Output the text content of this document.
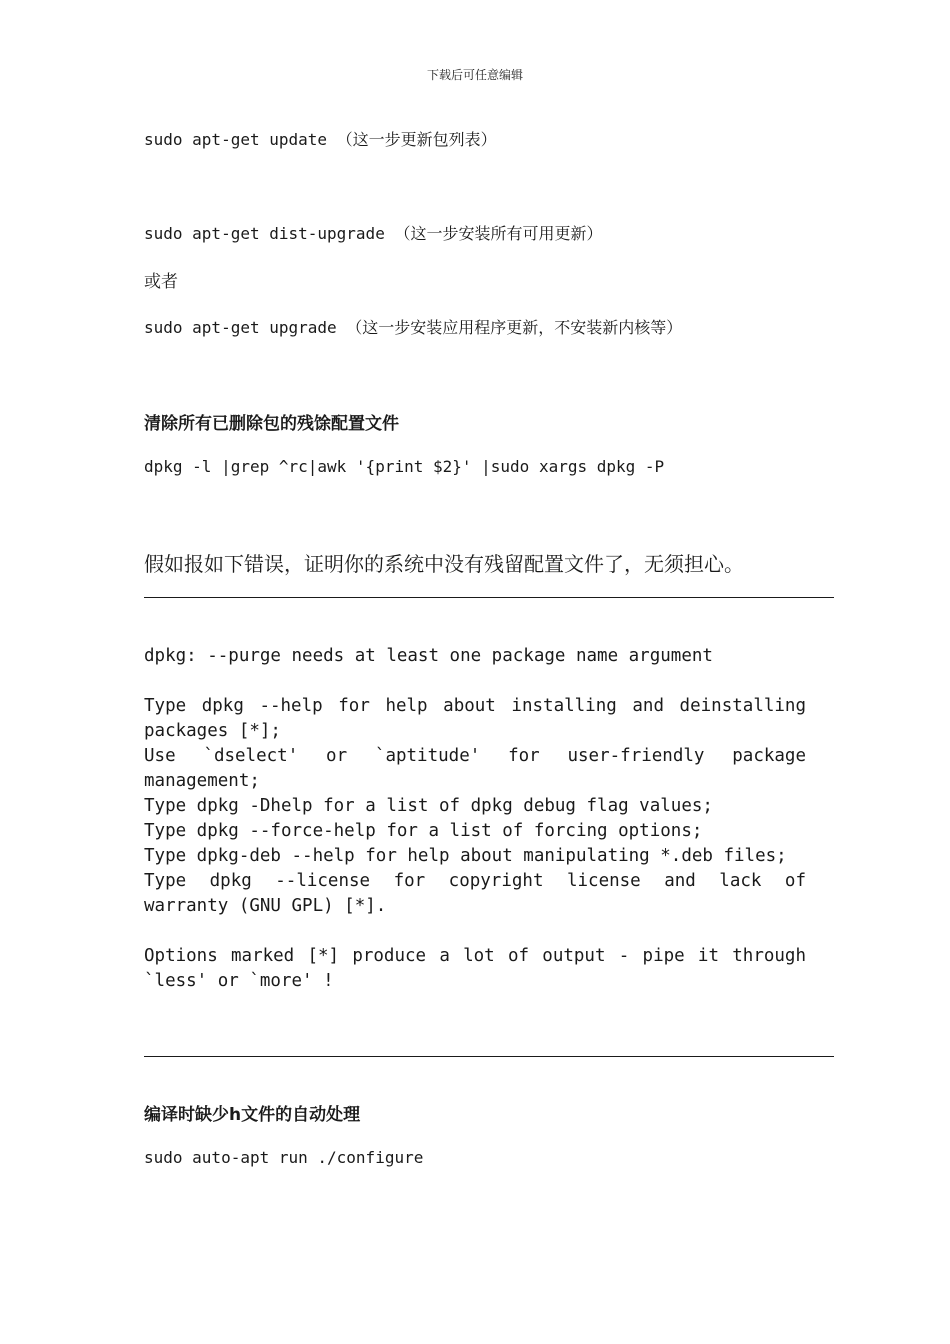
下载后可任意编辑

sudo apt-get update （这一步更新包列表）

sudo apt-get dist-upgrade （这一步安装所有可用更新）

或者

sudo apt-get upgrade （这一步安装应用程序更新，不安装新内核等）

清除所有已删除包的残馀配置文件

dpkg -l |grep ^rc|awk '{print $2}' |sudo xargs dpkg -P

假如报如下错误，证明你的系统中没有残留配置文件了，无须担心。

dpkg: --purge needs at least one package name argument

Type dpkg --help for help about installing and deinstalling
packages [*];
Use `dselect' or `aptitude' for user-friendly package
management;
Type dpkg -Dhelp for a list of dpkg debug flag values;
Type dpkg --force-help for a list of forcing options;
Type dpkg-deb --help for help about manipulating *.deb files;
Type dpkg --license for copyright license and lack of
warranty (GNU GPL) [*].

Options marked [*] produce a lot of output - pipe it through
`less' or `more' !

编译时缺少h文件的自动处理

sudo auto-apt run ./configure
